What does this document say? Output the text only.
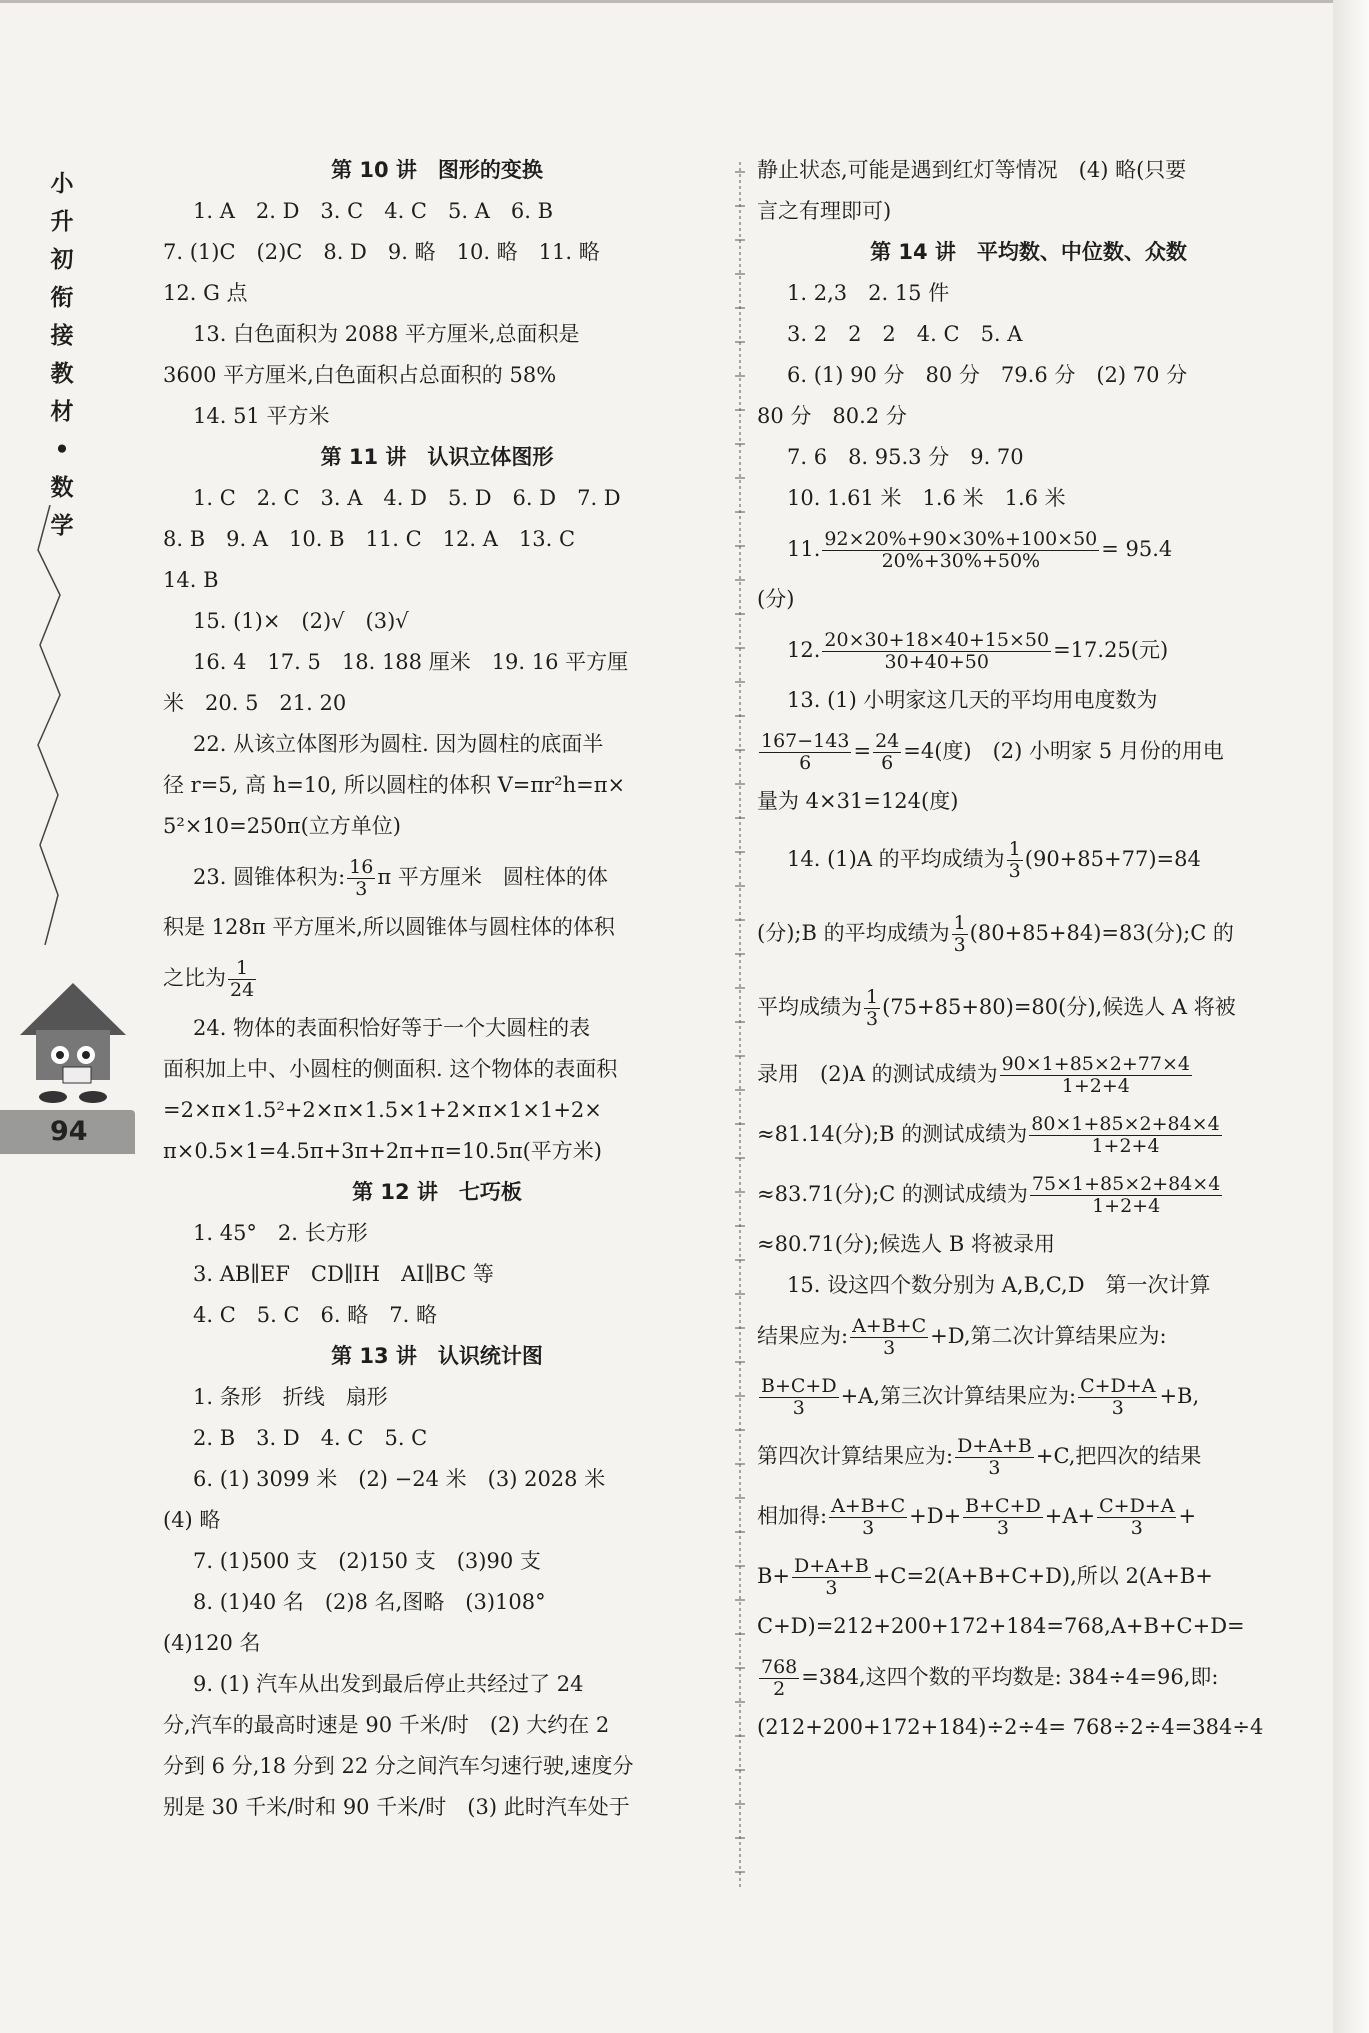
小
升
初
衔
接
教
材
•
数
学
94
第 10 讲　图形的变换
1. A　2. D　3. C　4. C　5. A　6. B
7. (1)C　(2)C　8. D　9. 略　10. 略　11. 略
12. G 点
13. 白色面积为 2088 平方厘米,总面积是
3600 平方厘米,白色面积占总面积的 58%
14. 51 平方米
第 11 讲　认识立体图形
1. C　2. C　3. A　4. D　5. D　6. D　7. D
8. B　9. A　10. B　11. C　12. A　13. C
14. B
15. (1)×　(2)√　(3)√
16. 4　17. 5　18. 188 厘米　19. 16 平方厘
米　20. 5　21. 20
22. 从该立体图形为圆柱. 因为圆柱的底面半
径 r=5, 高 h=10, 所以圆柱的体积 V=πr²h=π×
5²×10=250π(立方单位)
23. 圆锥体积为: $\frac{16}{3}$ π 平方厘米　圆柱体的体
积是 128π 平方厘米,所以圆锥体与圆柱体的体积
之比为 $\frac{1}{24}$
24. 物体的表面积恰好等于一个大圆柱的表
面积加上中、小圆柱的侧面积. 这个物体的表面积
=2×π×1.5²+2×π×1.5×1+2×π×1×1+2×
π×0.5×1=4.5π+3π+2π+π=10.5π(平方米)
第 12 讲　七巧板
1. 45°　2. 长方形
3. AB∥EF　CD∥IH　AI∥BC 等
4. C　5. C　6. 略　7. 略
第 13 讲　认识统计图
1. 条形　折线　扇形
2. B　3. D　4. C　5. C
6. (1) 3099 米　(2) −24 米　(3) 2028 米
(4) 略
7. (1)500 支　(2)150 支　(3)90 支
8. (1)40 名　(2)8 名,图略　(3)108°
(4)120 名
9. (1) 汽车从出发到最后停止共经过了 24
分,汽车的最高时速是 90 千米/时　(2) 大约在 2
分到 6 分,18 分到 22 分之间汽车匀速行驶,速度分
别是 30 千米/时和 90 千米/时　(3) 此时汽车处于
静止状态,可能是遇到红灯等情况　(4) 略(只要
言之有理即可)
第 14 讲　平均数、中位数、众数
1. 2,3　2. 15 件
3. 2　2　2　4. C　5. A
6. (1) 90 分　80 分　79.6 分　(2) 70 分
80 分　80.2 分
7. 6　8. 95.3 分　9. 70
10. 1.61 米　1.6 米　1.6 米
11. $\frac{92\times 20\%+90\times 30\%+100\times 50}{20\%+30\%+50\%} = 95.4$
(分)
12. $\frac{20\times 30+18\times 40+15\times 50}{30+40+50} =17.25$(元)
13. (1) 小明家这几天的平均用电度数为
$\frac{167-143}{6} = \frac{24}{6} =4$(度)　(2) 小明家 5 月份的用电
量为 4×31=124(度)
14. (1)A 的平均成绩为 $\frac{1}{3} (90+85+77)=84$
(分);B 的平均成绩为 $\frac{1}{3} (80+85+84)=83$(分);C 的
平均成绩为 $\frac{1}{3} (75+85+80)=80$(分),候选人 A 将被
录用　(2)A 的测试成绩为 $\frac{90\times 1+85\times 2+77\times 4}{1+2+4}$
≈81.14(分);B 的测试成绩为 $\frac{80\times 1+85\times 2+84\times 4}{1+2+4}$
≈83.71(分);C 的测试成绩为 $\frac{75\times 1+85\times 2+84\times 4}{1+2+4}$
≈80.71(分);候选人 B 将被录用
15. 设这四个数分别为 A,B,C,D　第一次计算
结果应为: $\frac{A+B+C}{3} +D$,第二次计算结果应为:
$\frac{B+C+D}{3} +A$,第三次计算结果应为: $\frac{C+D+A}{3} +B$,
第四次计算结果应为: $\frac{D+A+B}{3} +C$,把四次的结果
相加得: $\frac{A+B+C}{3} +D+ \frac{B+C+D}{3} +A+ \frac{C+D+A}{3}$ +
$B+ \frac{D+A+B}{3} +C=2(A+B+C+D)$,所以 2(A+B+
C+D)=212+200+172+184=768,A+B+C+D=
$\frac{768}{2} =384$,这四个数的平均数是: 384÷4=96,即:
(212+200+172+184)÷2÷4= 768÷2÷4=384÷4
